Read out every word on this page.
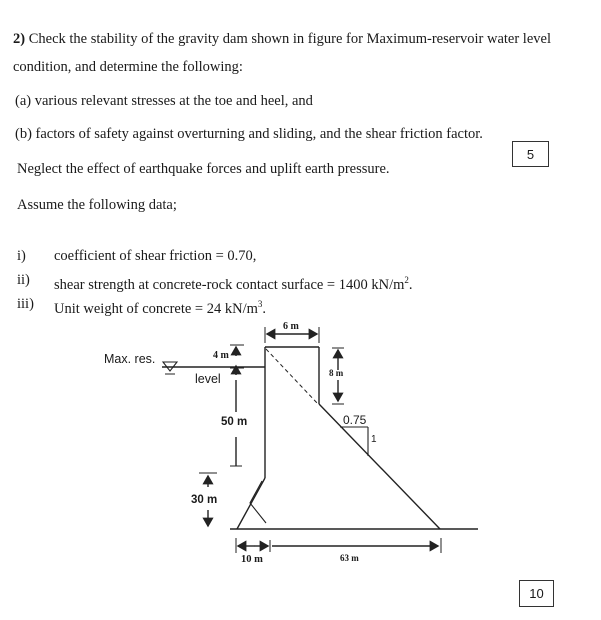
2) Check the stability of the gravity dam shown in figure for Maximum-reservoir water level
condition, and determine the following:
(a) various relevant stresses at the toe and heel, and
(b) factors of safety against overturning and sliding, and the shear friction factor.
5
Neglect the effect of earthquake forces and uplift earth pressure.
Assume the following data;
i) coefficient of shear friction = 0.70,
ii) shear strength at concrete-rock contact surface = 1400 $kN/m^2$.
iii) Unit weight of concrete = 24 $kN/m^3$.
Max. res.
level
4 m
6 m
8 m
50 m	0.75
1
30 m
10 m	63 m
10
